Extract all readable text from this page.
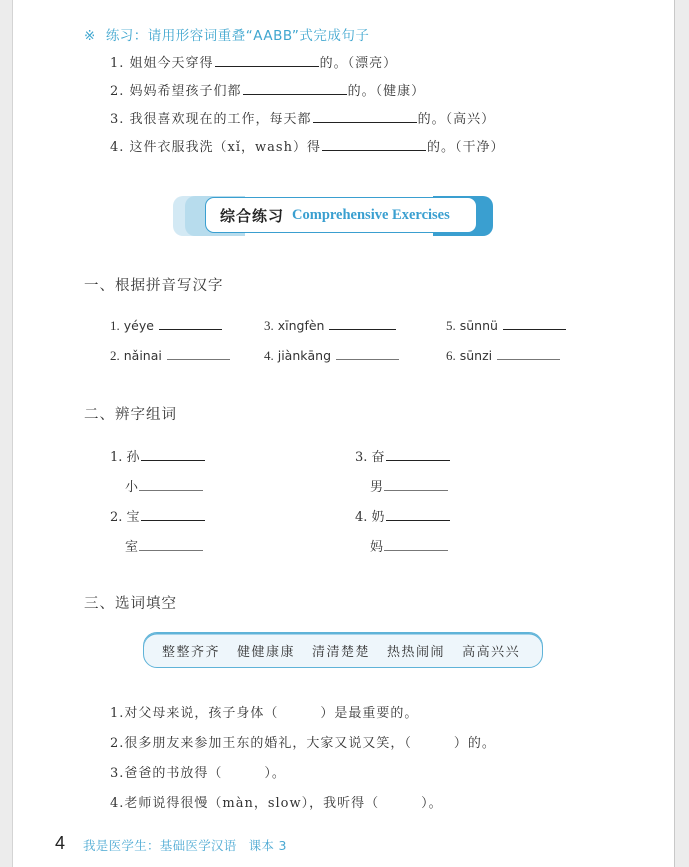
※ 练习：请用形容词重叠“AABB”式完成句子
1. 姐姐今天穿得	的。（漂亮）
2. 妈妈希望孩子们都	的。（健康）
3. 我很喜欢现在的工作，每天都	的。（高兴）
4. 这件衣服我洗（xǐ，wash）得	的。（干净）
综合练习 Comprehensive Exercises
一、根据拼音写汉字
1. yéye
2. nǎinai
3. xīngfèn
4. jiànkāng
5. sūnnü
6. sūnzi
二、辨字组词
1. 孙
小
2. 宝
室
3. 奋
男
4. 奶
妈
三、选词填空
整整齐齐 健健康康 清清楚楚 热热闹闹 高高兴兴
1.对父母来说，孩子身体（	）是最重要的。
2.很多朋友来参加王东的婚礼，大家又说又笑，（	）的。
3.爸爸的书放得（	）。
4.老师说得很慢（màn，slow），我听得（	）。
4 我是医学生：基础医学汉语 课本 3
